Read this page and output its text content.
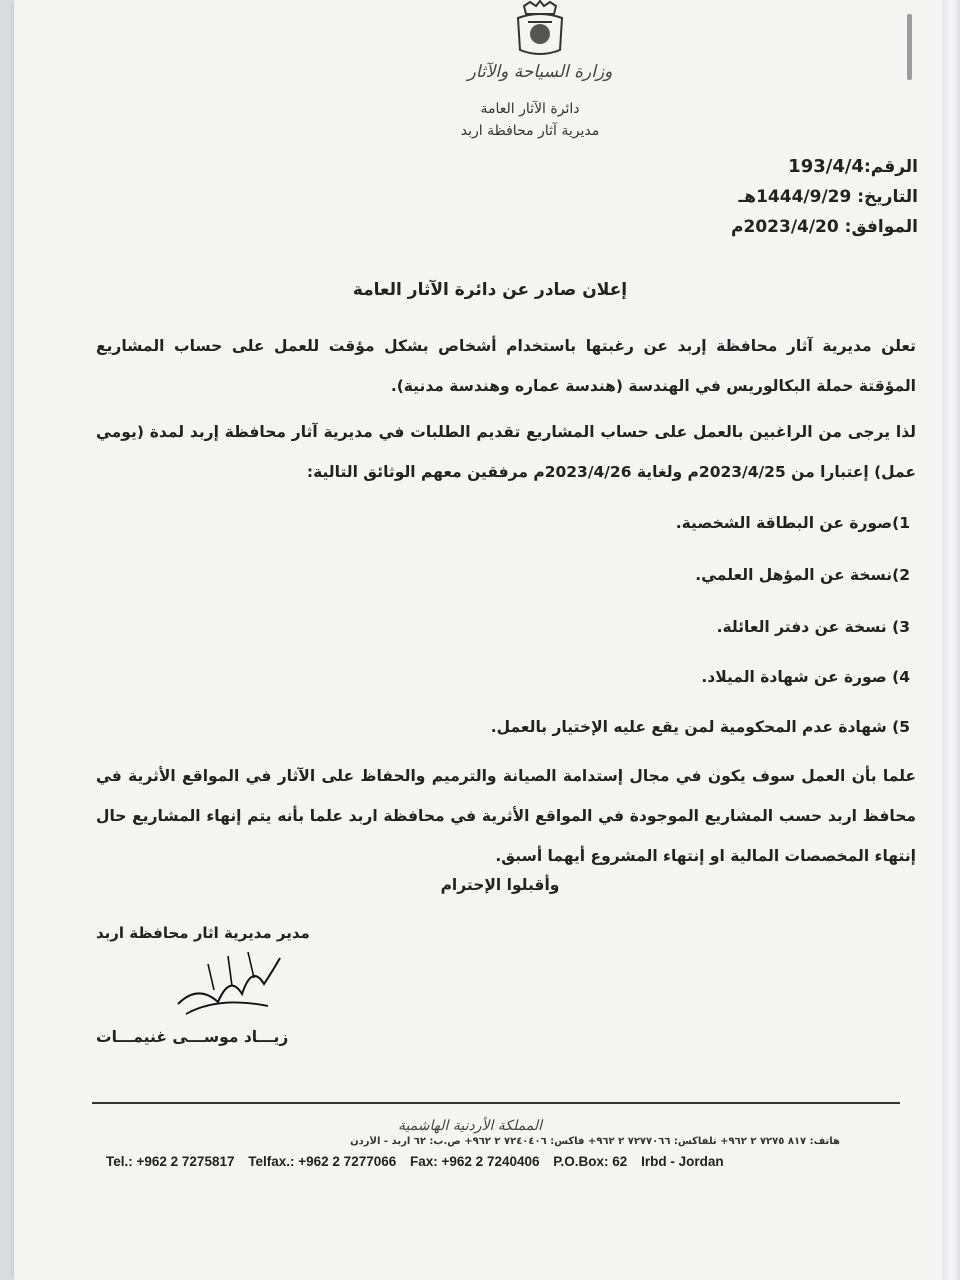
وزارة السياحة والآثار
دائرة الآثار العامة
مديرية آثار محافظة اربد
الرقم:193/4/4
التاريخ: 1444/9/29هـ
الموافق: 2023/4/20م
إعلان صادر عن دائرة الآثار العامة
تعلن مديرية آثار محافظة إربد عن رغبتها باستخدام أشخاص بشكل مؤقت للعمل على حساب المشاريع المؤقتة حملة البكالوريس في الهندسة (هندسة عماره وهندسة مدنية).
لذا يرجى من الراغبين بالعمل على حساب المشاريع تقديم الطلبات في مديرية آثار محافظة إربد لمدة (يومي عمل) إعتبارا من 2023/4/25م ولغاية 2023/4/26م مرفقين معهم الوثائق التالية:
1)صورة عن البطاقة الشخصية.
2)نسخة عن المؤهل العلمي.
3) نسخة عن دفتر العائلة.
4) صورة عن شهادة الميلاد.
5) شهادة عدم المحكومية لمن يقع عليه الإختيار بالعمل.
علما بأن العمل سوف يكون في مجال إستدامة الصيانة والترميم والحفاظ على الآثار في المواقع الأثرية في محافظ اربد حسب المشاريع الموجودة في المواقع الأثرية في محافظة اربد علما بأنه يتم إنهاء المشاريع حال إنتهاء المخصصات المالية او إنتهاء المشروع أيهما أسبق.
وأقبلوا الإحترام
مدير مديرية اثار محافظة اربد
زيـــاد موســـى غنيمـــات
المملكة الأردنية الهاشمية
هاتف: ٨١٧ ٧٢٧٥ ٢ ٩٦٢+ تلفاكس: ٧٢٧٧٠٦٦ ٢ ٩٦٢+ فاكس: ٧٢٤٠٤٠٦ ٢ ٩٦٢+ ص.ب: ٦٢ اربد - الأردن
Tel.: +962 2 7275817 Telfax.: +962 2 7277066 Fax: +962 2 7240406 P.O.Box: 62 Irbd - Jordan
